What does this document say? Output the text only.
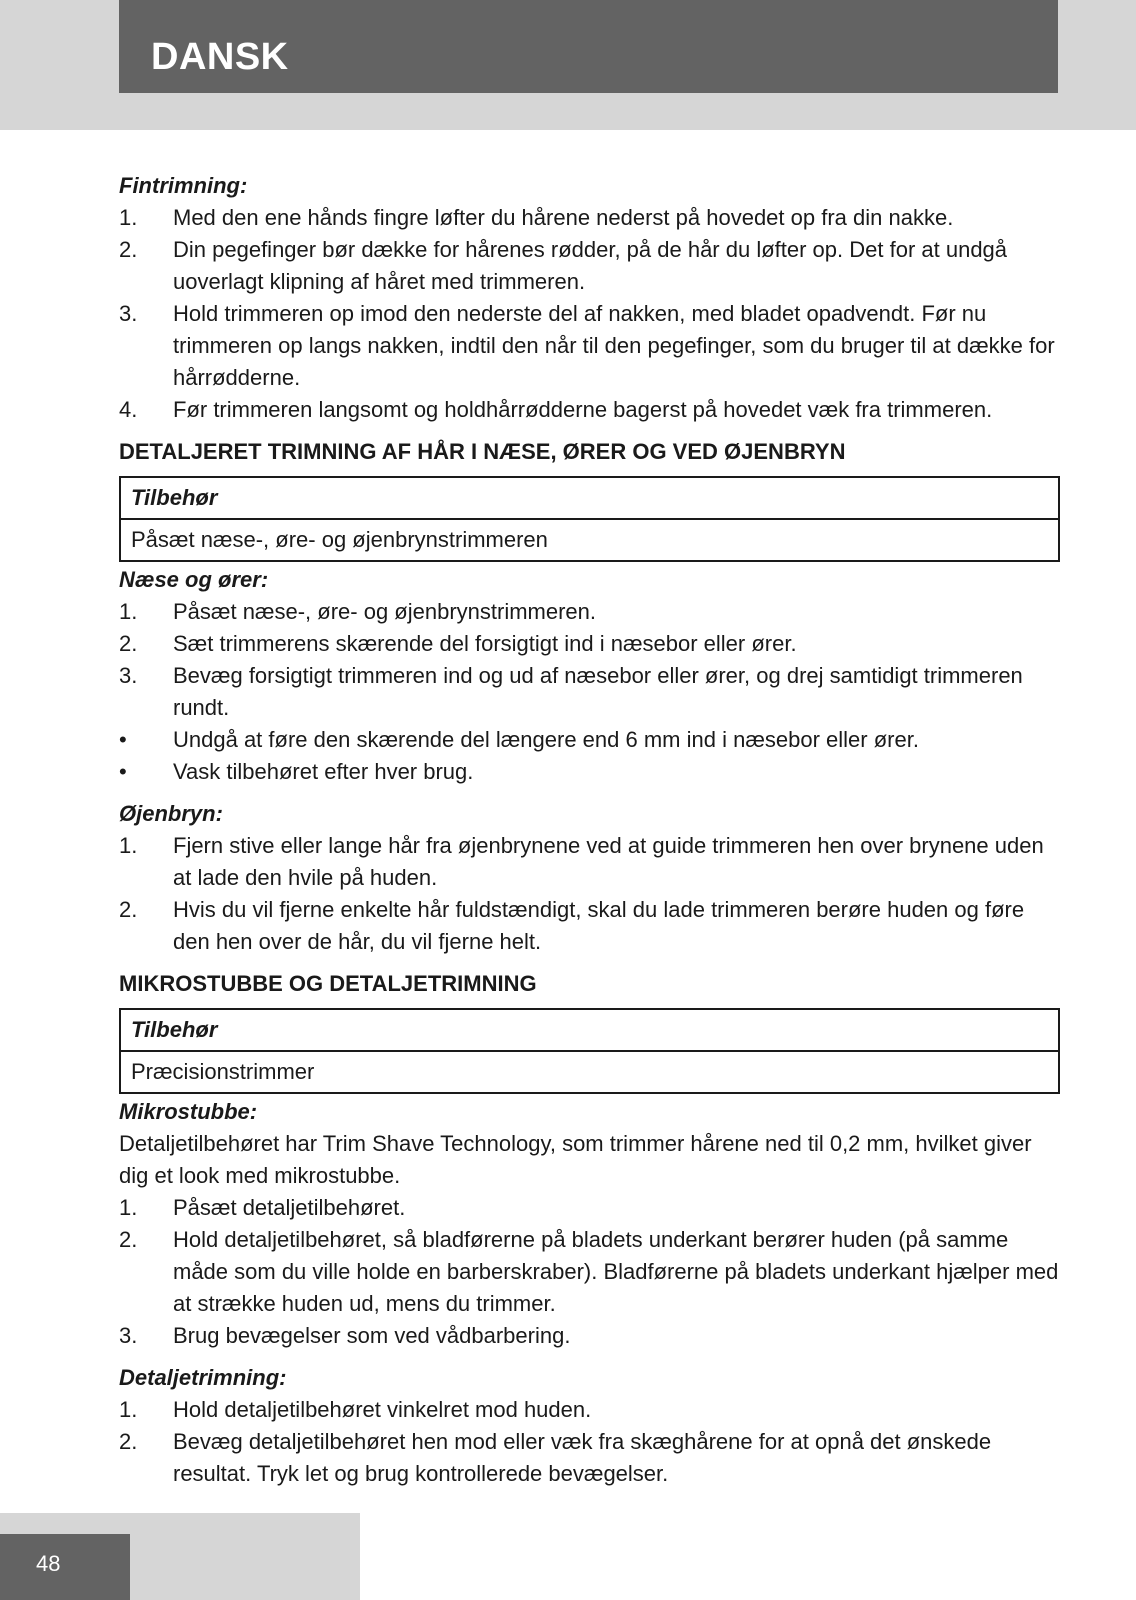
DANSK

Fintrimning:

1.	Med den ene hånds fingre løfter du hårene nederst på hovedet op fra din nakke.
2.	Din pegefinger bør dække for hårenes rødder, på de hår du løfter op. Det for at undgå uoverlagt klipning af håret med trimmeren.
3.	Hold trimmeren op imod den nederste del af nakken, med bladet opadvendt. Før nu trimmeren op langs nakken, indtil den når til den pegefinger, som du bruger til at dække for hårrødderne.
4.	Før trimmeren langsomt og holdhårrødderne bagerst på hovedet væk fra trimmeren.
DETALJERET TRIMNING AF HÅR I NÆSE, ØRER OG VED ØJENBRYN
Tilbehør
Påsæt næse-, øre- og øjenbrynstrimmeren

Næse og ører:

1.	Påsæt næse-, øre- og øjenbrynstrimmeren.
2.	Sæt trimmerens skærende del forsigtigt ind i næsebor eller ører.
3.	Bevæg forsigtigt trimmeren ind og ud af næsebor eller ører, og drej samtidigt trimmeren rundt.
•	Undgå at føre den skærende del længere end 6 mm ind i næsebor eller ører.
•	Vask tilbehøret efter hver brug.

Øjenbryn:

1.	Fjern stive eller lange hår fra øjenbrynene ved at guide trimmeren hen over brynene uden at lade den hvile på huden.
2.	Hvis du vil fjerne enkelte hår fuldstændigt, skal du lade trimmeren berøre huden og føre den hen over de hår, du vil fjerne helt.
MIKROSTUBBE OG DETALJETRIMNING
Tilbehør
Præcisionstrimmer

Mikrostubbe:

Detaljetilbehøret har Trim Shave Technology, som trimmer hårene ned til 0,2 mm, hvilket giver dig et look med mikrostubbe.

1.	Påsæt detaljetilbehøret.
2.	Hold detaljetilbehøret, så bladførerne på bladets underkant berører huden (på samme måde som du ville holde en barberskraber). Bladførerne på bladets underkant hjælper med at strække huden ud, mens du trimmer.
3.	Brug bevægelser som ved vådbarbering.

Detaljetrimning:

1.	Hold detaljetilbehøret vinkelret mod huden.
2.	Bevæg detaljetilbehøret hen mod eller væk fra skæghårene for at opnå det ønskede resultat. Tryk let og brug kontrollerede bevægelser.
48
